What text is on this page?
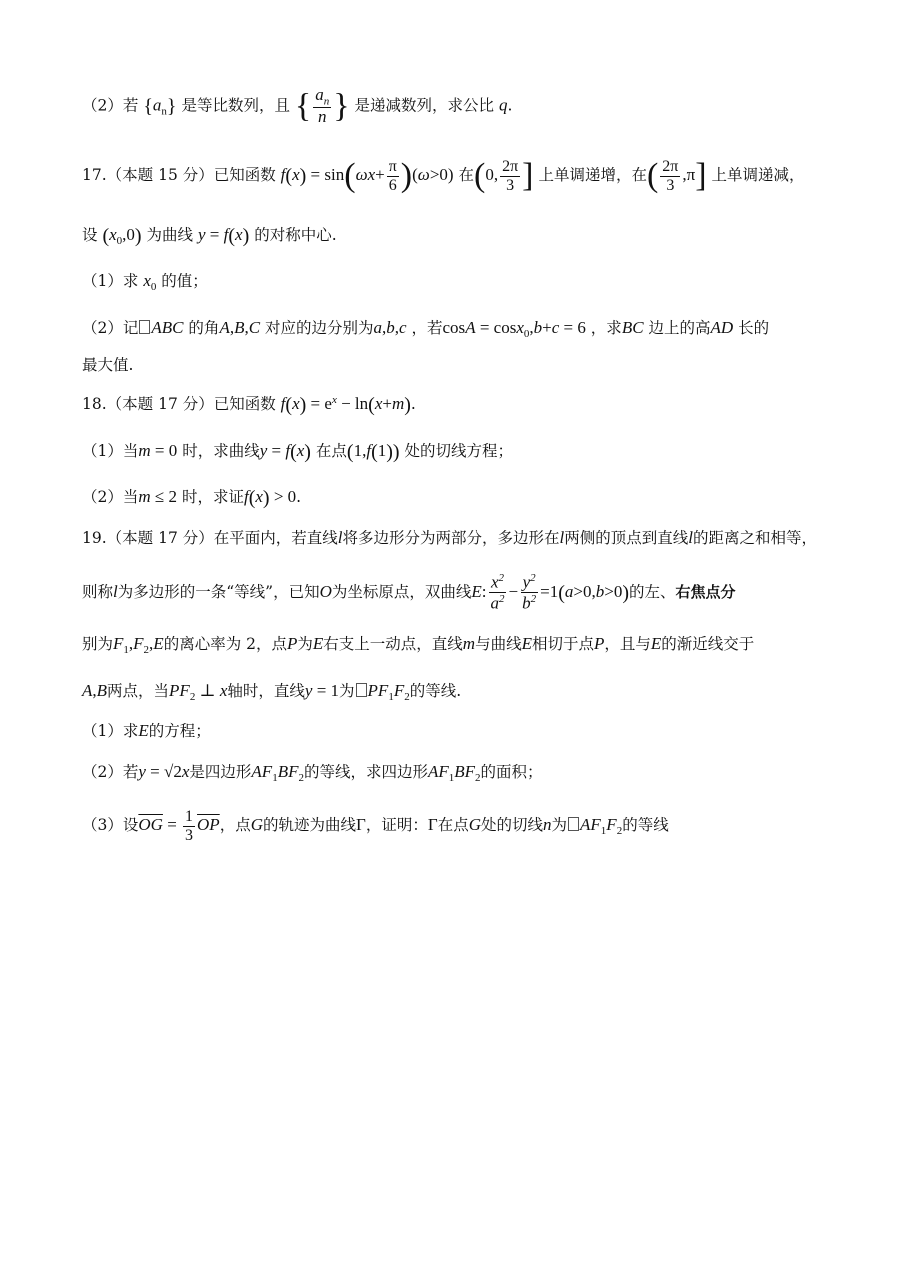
（2）若 $\{a_n\}$ 是等比数列，且 { $\frac{a_n}{n}$ } 是递减数列，求公比 q.
17.（本题 15 分）已知函数 $f(x) = \sin(\omega x+ \frac{\pi}{6} )(\omega>0)$ 在(0, $\frac{2\pi}{3}$ ] 上单调递增，在( $\frac{2\pi}{3} ,\pi$] 上单调递减，
设 $(x_0,0)$ 为曲线 y = f(x) 的对称中心.
（1）求 $x_0$ 的值；
（2）记 ABC 的角A,B,C 对应的边分别为a,b,c ，若cosA = cosx$_0$,b+c = 6 ，求BC 边上的高AD 长的
最大值.
18.（本题 17 分）已知函数 $f(x) = e^x - \ln(x+m)$.
（1）当m = 0 时，求曲线y = f(x) 在点(1,f(1)) 处的切线方程；
（2）当m ≤ 2 时，求证f(x) > 0.
19.（本题 17 分）在平面内，若直线l将多边形分为两部分，多边形在l两侧的顶点到直线l的距离之和相等，
则称l为多边形的一条“等线”，已知O为坐标原点，双曲线E: $\frac{x^2}{a^2} - \frac{y^2}{b^2} =1(a>0,b>0)$的左、右焦点分
别为$F_1,F_2,E$的离心率为 2，点P为E右支上一动点，直线m与曲线E相切于点P，且与E的渐近线交于
A,B两点，当$PF_2$ ⊥ x轴时，直线y = 1为 $PF_1F_2$的等线.
（1）求E的方程；
（2）若y = √2x是四边形$AF_1BF_2$的等线，求四边形$AF_1BF_2$的面积；
（3）设$\overline{OG} = \frac{1}{3} \overline{OP}$，点G的轨迹为曲线Γ，证明：Γ在点G处的切线n为 $AF_1F_2$的等线
